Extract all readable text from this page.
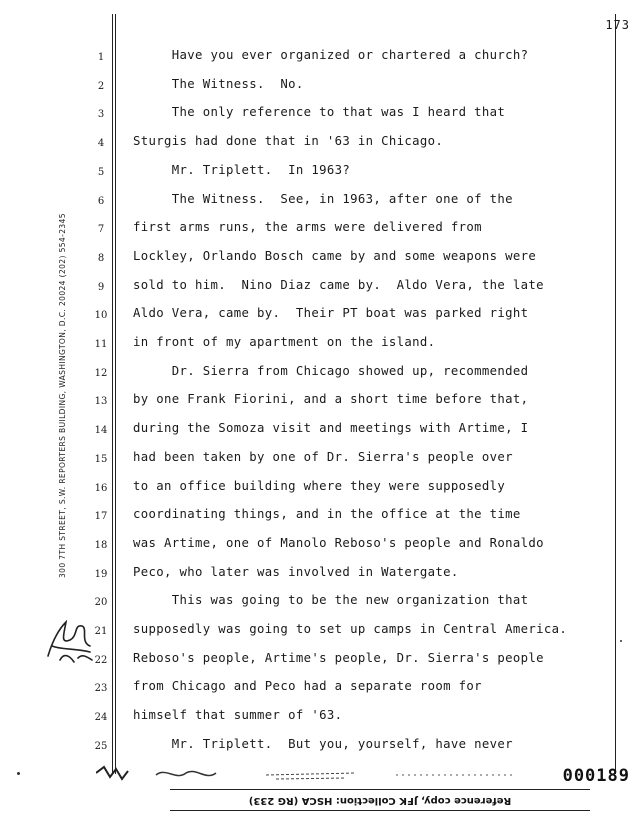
173
300 7TH STREET, S.W. REPORTERS BUILDING, WASHINGTON, D.C. 20024 (202) 554-2345
1
2
3
4
5
6
7
8
9
10
11
12
13
14
15
16
17
18
19
20
21
22
23
24
25
Have you ever organized or chartered a church?
The Witness.  No.
The only reference to that was I heard that
Sturgis had done that in '63 in Chicago.
Mr. Triplett.  In 1963?
The Witness.  See, in 1963, after one of the
first arms runs, the arms were delivered from
Lockley, Orlando Bosch came by and some weapons were
sold to him.  Nino Diaz came by.  Aldo Vera, the late
Aldo Vera, came by.  Their PT boat was parked right
in front of my apartment on the island.
Dr. Sierra from Chicago showed up, recommended
by one Frank Fiorini, and a short time before that,
during the Somoza visit and meetings with Artime, I
had been taken by one of Dr. Sierra's people over
to an office building where they were supposedly
coordinating things, and in the office at the time
was Artime, one of Manolo Reboso's people and Ronaldo
Peco, who later was involved in Watergate.
This was going to be the new organization that
supposedly was going to set up camps in Central America.
Reboso's people, Artime's people, Dr. Sierra's people
from Chicago and Peco had a separate room for
himself that summer of '63.
Mr. Triplett.  But you, yourself, have never
000189
Reference copy, JFK Collection: HSCA (RG 233)
